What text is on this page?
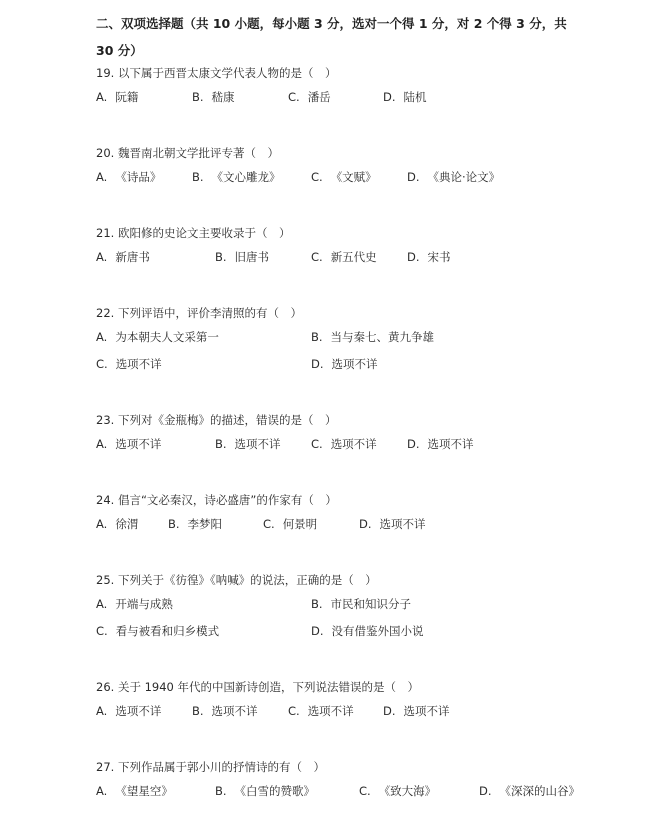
二、双项选择题（共 10 小题，每小题 3 分，选对一个得 1 分，对 2 个得 3 分，共 30 分）
19. 以下属于西晋太康文学代表人物的是（　）
A. 阮籍	B. 嵇康	C. 潘岳	D. 陆机
20. 魏晋南北朝文学批评专著（　）
A. 《诗品》	B. 《文心雕龙》	C. 《文赋》	D. 《典论·论文》
21. 欧阳修的史论文主要收录于（　）
A. 新唐书	B. 旧唐书	C. 新五代史	D. 宋书
22. 下列评语中，评价李清照的有（　）
A. 为本朝夫人文采第一	B. 当与秦七、黄九争雄
C. 选项不详	D. 选项不详
23. 下列对《金瓶梅》的描述，错误的是（　）
A. 选项不详	B. 选项不详	C. 选项不详	D. 选项不详
24. 倡言“文必秦汉，诗必盛唐”的作家有（　）
A. 徐渭	B. 李梦阳	C. 何景明	D. 选项不详
25. 下列关于《彷徨》《呐喊》的说法，正确的是（　）
A. 开端与成熟	B. 市民和知识分子
C. 看与被看和归乡模式	D. 没有借鉴外国小说
26. 关于 1940 年代的中国新诗创造，下列说法错误的是（　）
A. 选项不详	B. 选项不详	C. 选项不详	D. 选项不详
27. 下列作品属于郭小川的抒情诗的有（　）
A. 《望星空》	B. 《白雪的赞歌》	C. 《致大海》	D. 《深深的山谷》
